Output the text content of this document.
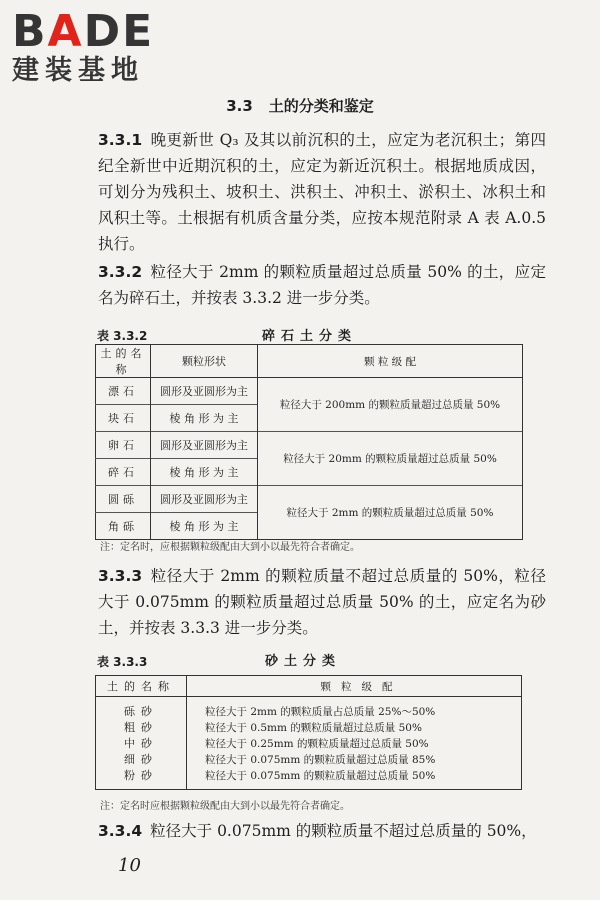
BADE
建装基地
3.3 土的分类和鉴定
3.3.1 晚更新世 Q₃ 及其以前沉积的土，应定为老沉积土；第四纪全新世中近期沉积的土，应定为新近沉积土。根据地质成因，可划分为残积土、坡积土、洪积土、冲积土、淤积土、冰积土和风积土等。土根据有机质含量分类，应按本规范附录 A 表 A.0.5 执行。
3.3.2 粒径大于 2mm 的颗粒质量超过总质量 50% 的土，应定名为碎石土，并按表 3.3.2 进一步分类。
表 3.3.2	碎石土分类
土的名称	颗粒形状	颗 粒 级 配
漂石	圆形及亚圆形为主	粒径大于 200mm 的颗粒质量超过总质量 50%
块石	棱 角 形 为 主	
卵石	圆形及亚圆形为主	粒径大于 20mm 的颗粒质量超过总质量 50%
碎石	棱 角 形 为 主	
圆砾	圆形及亚圆形为主	粒径大于 2mm 的颗粒质量超过总质量 50%
角砾	棱 角 形 为 主	
注：定名时，应根据颗粒级配由大到小以最先符合者确定。
3.3.3 粒径大于 2mm 的颗粒质量不超过总质量的 50%，粒径大于 0.075mm 的颗粒质量超过总质量 50% 的土，应定名为砂土，并按表 3.3.3 进一步分类。
表 3.3.3	砂土分类
土的名称	颗粒级配

砾砂	粒径大于 2mm 的颗粒质量占总质量 25%～50%
粗砂	粒径大于 0.5mm 的颗粒质量超过总质量 50%
中砂	粒径大于 0.25mm 的颗粒质量超过总质量 50%
细砂	粒径大于 0.075mm 的颗粒质量超过总质量 85%
粉砂	粒径大于 0.075mm 的颗粒质量超过总质量 50%

注：定名时应根据颗粒级配由大到小以最先符合者确定。
3.3.4 粒径大于 0.075mm 的颗粒质量不超过总质量的 50%，
10
